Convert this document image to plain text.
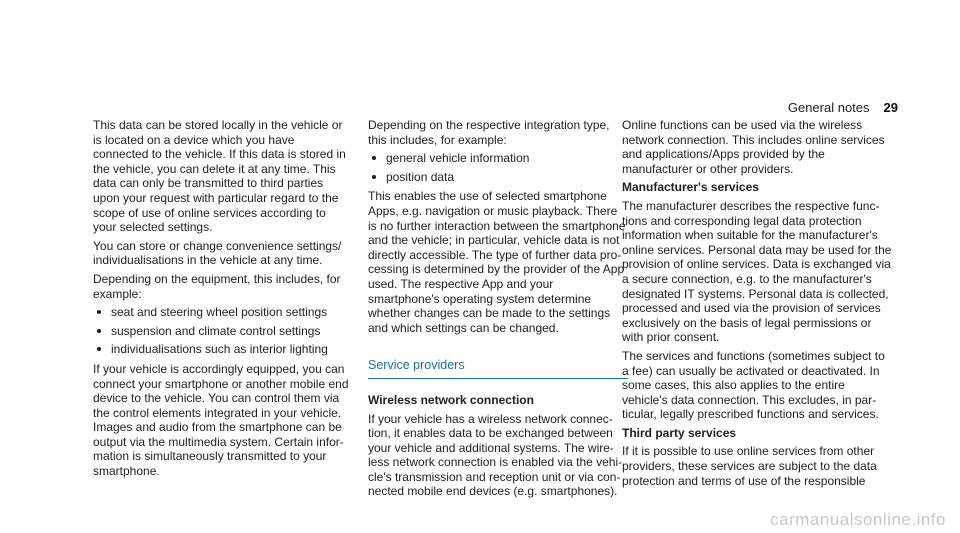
General notes 29

This data can be stored locally in the vehicle or is located on a device which you have connected to the vehicle. If this data is stored in the vehicle, you can delete it at any time. This data can only be transmitted to third parties upon your request with particular regard to the scope of use of online services according to your selected settings.

You can store or change convenience settings/ individualisations in the vehicle at any time.

Depending on the equipment, this includes, for example:

seat and steering wheel position settings
suspension and climate control settings
individualisations such as interior lighting

If your vehicle is accordingly equipped, you can connect your smartphone or another mobile end device to the vehicle. You can control them via the control elements integrated in your vehicle. Images and audio from the smartphone can be output via the multimedia system. Certain information is simultaneously transmitted to your smartphone.

Depending on the respective integration type, this includes, for example:

general vehicle information
position data

This enables the use of selected smartphone Apps, e.g. navigation or music playback. There is no further interaction between the smartphone and the vehicle; in particular, vehicle data is not directly accessible. The type of further data processing is determined by the provider of the App used. The respective App and your smartphone's operating system determine whether changes can be made to the settings and which settings can be changed.

Service providers

Wireless network connection

If your vehicle has a wireless network connection, it enables data to be exchanged between your vehicle and additional systems. The wireless network connection is enabled via the vehicle's transmission and reception unit or via connected mobile end devices (e.g. smartphones).

Online functions can be used via the wireless network connection. This includes online services and applications/Apps provided by the manufacturer or other providers.

Manufacturer's services

The manufacturer describes the respective functions and corresponding legal data protection information when suitable for the manufacturer's online services. Personal data may be used for the provision of online services. Data is exchanged via a secure connection, e.g. to the manufacturer's designated IT systems. Personal data is collected, processed and used via the provision of services exclusively on the basis of legal permissions or with prior consent.

The services and functions (sometimes subject to a fee) can usually be activated or deactivated. In some cases, this also applies to the entire vehicle's data connection. This excludes, in particular, legally prescribed functions and services.

Third party services

If it is possible to use online services from other providers, these services are subject to the data protection and terms of use of the responsible

carmanualsonline.info
